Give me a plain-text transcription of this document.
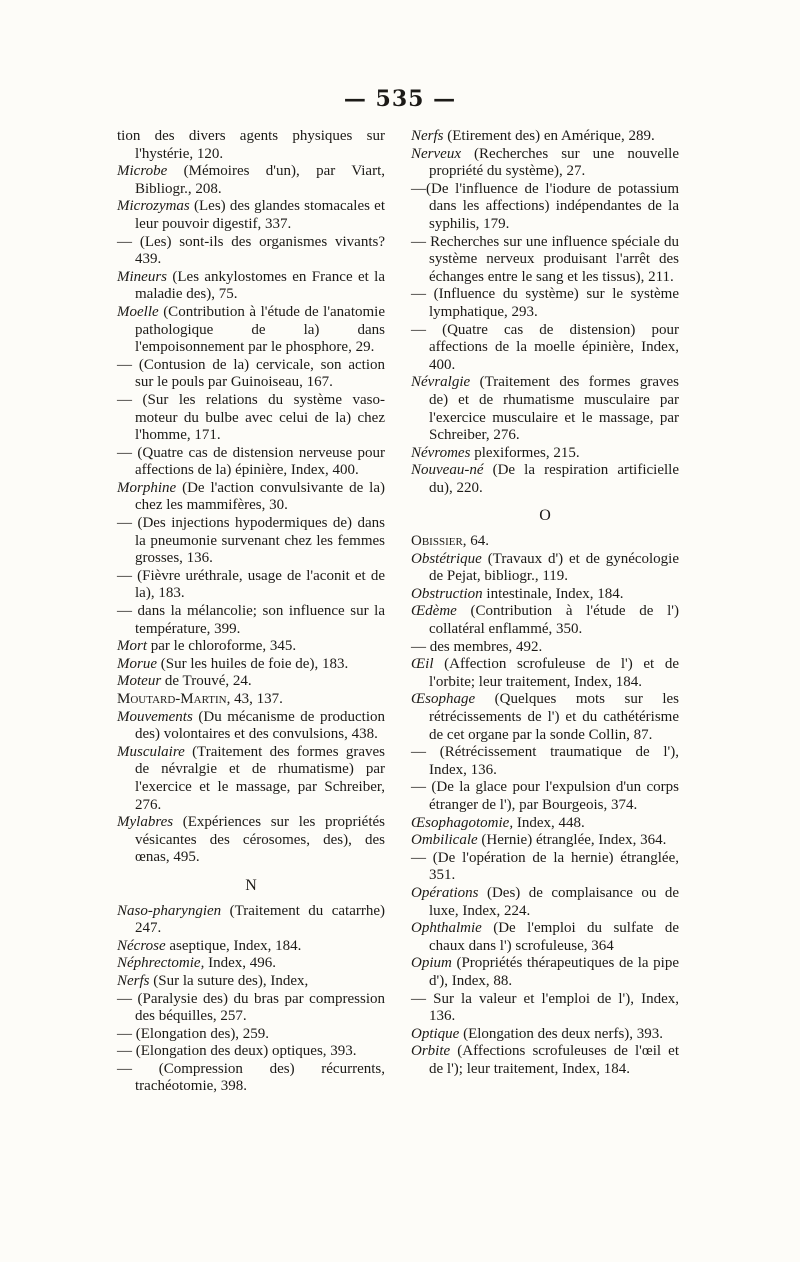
— 535 —
tion des divers agents physiques sur l'hystérie, 120.
Microbe (Mémoires d'un), par Viart, Bibliogr., 208.
Microzymas (Les) des glandes stomacales et leur pouvoir digestif, 337.
— (Les) sont-ils des organismes vivants? 439.
Mineurs (Les ankylostomes en France et la maladie des), 75.
Moelle (Contribution à l'étude de l'anatomie pathologique de la) dans l'empoisonnement par le phosphore, 29.
— (Contusion de la) cervicale, son action sur le pouls par Guinoiseau, 167.
— (Sur les relations du système vaso-moteur du bulbe avec celui de la) chez l'homme, 171.
— (Quatre cas de distension nerveuse pour affections de la) épinière, Index, 400.
Morphine (De l'action convulsivante de la) chez les mammifères, 30.
— (Des injections hypodermiques de) dans la pneumonie survenant chez les femmes grosses, 136.
— (Fièvre uréthrale, usage de l'aconit et de la), 183.
— dans la mélancolie; son influence sur la température, 399.
Mort par le chloroforme, 345.
Morue (Sur les huiles de foie de), 183.
Moteur de Trouvé, 24.
Moutard-Martin, 43, 137.
Mouvements (Du mécanisme de production des) volontaires et des convulsions, 438.
Musculaire (Traitement des formes graves de névralgie et de rhumatisme) par l'exercice et le massage, par Schreiber, 276.
Mylabres (Expériences sur les propriétés vésicantes des cérosomes, des), des œnas, 495.
N
Naso-pharyngien (Traitement du catarrhe) 247.
Nécrose aseptique, Index, 184.
Néphrectomie, Index, 496.
Nerfs (Sur la suture des), Index,
— (Paralysie des) du bras par compression des béquilles, 257.
— (Elongation des), 259.
— (Elongation des deux) optiques, 393.
— (Compression des) récurrents, trachéotomie, 398.
Nerfs (Etirement des) en Amérique, 289.
Nerveux (Recherches sur une nouvelle propriété du système), 27.
—(De l'influence de l'iodure de potassium dans les affections) indépendantes de la syphilis, 179.
— Recherches sur une influence spéciale du système nerveux produisant l'arrêt des échanges entre le sang et les tissus), 211.
— (Influence du système) sur le système lymphatique, 293.
— (Quatre cas de distension) pour affections de la moelle épinière, Index, 400.
Névralgie (Traitement des formes graves de) et de rhumatisme musculaire par l'exercice musculaire et le massage, par Schreiber, 276.
Névromes plexiformes, 215.
Nouveau-né (De la respiration artificielle du), 220.
O
Obissier, 64.
Obstétrique (Travaux d') et de gynécologie de Pejat, bibliogr., 119.
Obstruction intestinale, Index, 184.
Œdème (Contribution à l'étude de l') collatéral enflammé, 350.
— des membres, 492.
Œil (Affection scrofuleuse de l') et de l'orbite; leur traitement, Index, 184.
Œsophage (Quelques mots sur les rétrécissements de l') et du cathétérisme de cet organe par la sonde Collin, 87.
— (Rétrécissement traumatique de l'), Index, 136.
— (De la glace pour l'expulsion d'un corps étranger de l'), par Bourgeois, 374.
Œsophagotomie, Index, 448.
Ombilicale (Hernie) étranglée, Index, 364.
— (De l'opération de la hernie) étranglée, 351.
Opérations (Des) de complaisance ou de luxe, Index, 224.
Ophthalmie (De l'emploi du sulfate de chaux dans l') scrofuleuse, 364
Opium (Propriétés thérapeutiques de la pipe d'), Index, 88.
— Sur la valeur et l'emploi de l'), Index, 136.
Optique (Elongation des deux nerfs), 393.
Orbite (Affections scrofuleuses de l'œil et de l'); leur traitement, Index, 184.
